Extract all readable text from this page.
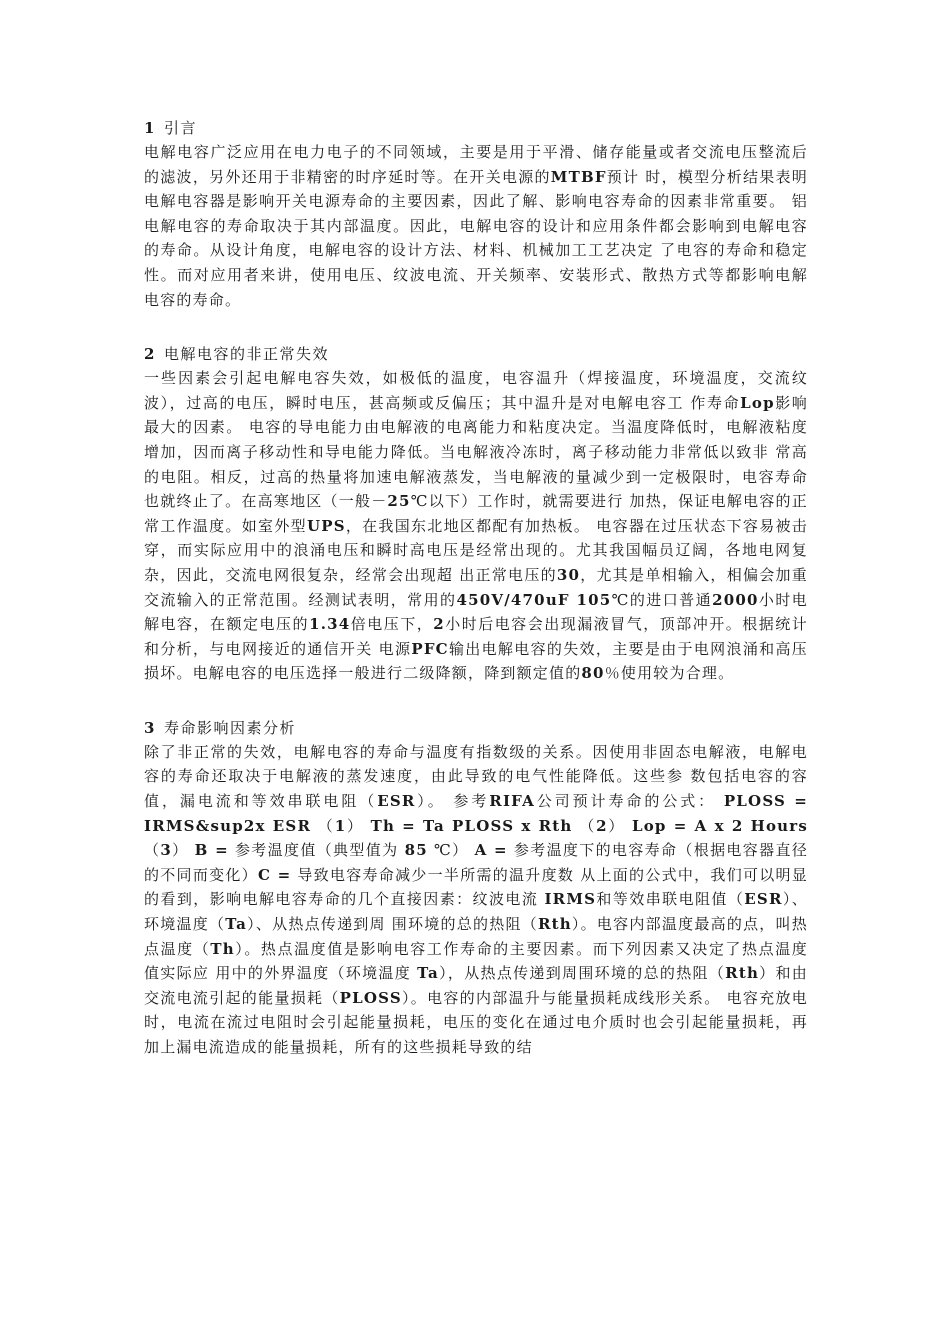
1 引言

电解电容广泛应用在电力电子的不同领域，主要是用于平滑、储存能量或者交流电压整流后的滤波，另外还用于非精密的时序延时等。在开关电源的MTBF预计 时，模型分析结果表明电解电容器是影响开关电源寿命的主要因素，因此了解、影响电容寿命的因素非常重要。 铝电解电容的寿命取决于其内部温度。因此，电解电容的设计和应用条件都会影响到电解电容的寿命。从设计角度，电解电容的设计方法、材料、机械加工工艺决定 了电容的寿命和稳定性。而对应用者来讲，使用电压、纹波电流、开关频率、安装形式、散热方式等都影响电解电容的寿命。

2 电解电容的非正常失效

一些因素会引起电解电容失效，如极低的温度，电容温升（焊接温度，环境温度，交流纹波），过高的电压，瞬时电压，甚高频或反偏压；其中温升是对电解电容工 作寿命Lop影响最大的因素。 电容的导电能力由电解液的电离能力和粘度决定。当温度降低时，电解液粘度增加，因而离子移动性和导电能力降低。当电解液冷冻时，离子移动能力非常低以致非 常高的电阻。相反，过高的热量将加速电解液蒸发，当电解液的量减少到一定极限时，电容寿命也就终止了。在高寒地区（一般－25℃以下）工作时，就需要进行 加热，保证电解电容的正常工作温度。如室外型UPS，在我国东北地区都配有加热板。 电容器在过压状态下容易被击穿，而实际应用中的浪涌电压和瞬时高电压是经常出现的。尤其我国幅员辽阔，各地电网复杂，因此，交流电网很复杂，经常会出现超 出正常电压的30，尤其是单相输入，相偏会加重交流输入的正常范围。经测试表明，常用的450V/470uF 105℃的进口普通2000小时电解电容，在额定电压的1.34倍电压下，2小时后电容会出现漏液冒气，顶部冲开。根据统计和分析，与电网接近的通信开关 电源PFC输出电解电容的失效，主要是由于电网浪涌和高压损坏。电解电容的电压选择一般进行二级降额，降到额定值的80％使用较为合理。

3 寿命影响因素分析

除了非正常的失效，电解电容的寿命与温度有指数级的关系。因使用非固态电解液，电解电容的寿命还取决于电解液的蒸发速度，由此导致的电气性能降低。这些参 数包括电容的容值，漏电流和等效串联电阻（ESR）。 参考RIFA公司预计寿命的公式： PLOSS = IRMS&sup2x ESR （1） Th = Ta PLOSS x Rth （2） Lop = A x 2 Hours （3） B = 参考温度值（典型值为 85 ℃） A = 参考温度下的电容寿命（根据电容器直径的不同而变化）C = 导致电容寿命减少一半所需的温升度数 从上面的公式中，我们可以明显的看到，影响电解电容寿命的几个直接因素：纹波电流 IRMS和等效串联电阻值（ESR）、环境温度（Ta）、从热点传递到周 围环境的总的热阻（Rth）。电容内部温度最高的点，叫热点温度（Th）。热点温度值是影响电容工作寿命的主要因素。而下列因素又决定了热点温度值实际应 用中的外界温度（环境温度 Ta），从热点传递到周围环境的总的热阻（Rth）和由交流电流引起的能量损耗（PLOSS）。电容的内部温升与能量损耗成线形关系。 电容充放电时，电流在流过电阻时会引起能量损耗，电压的变化在通过电介质时也会引起能量损耗，再加上漏电流造成的能量损耗，所有的这些损耗导致的结
